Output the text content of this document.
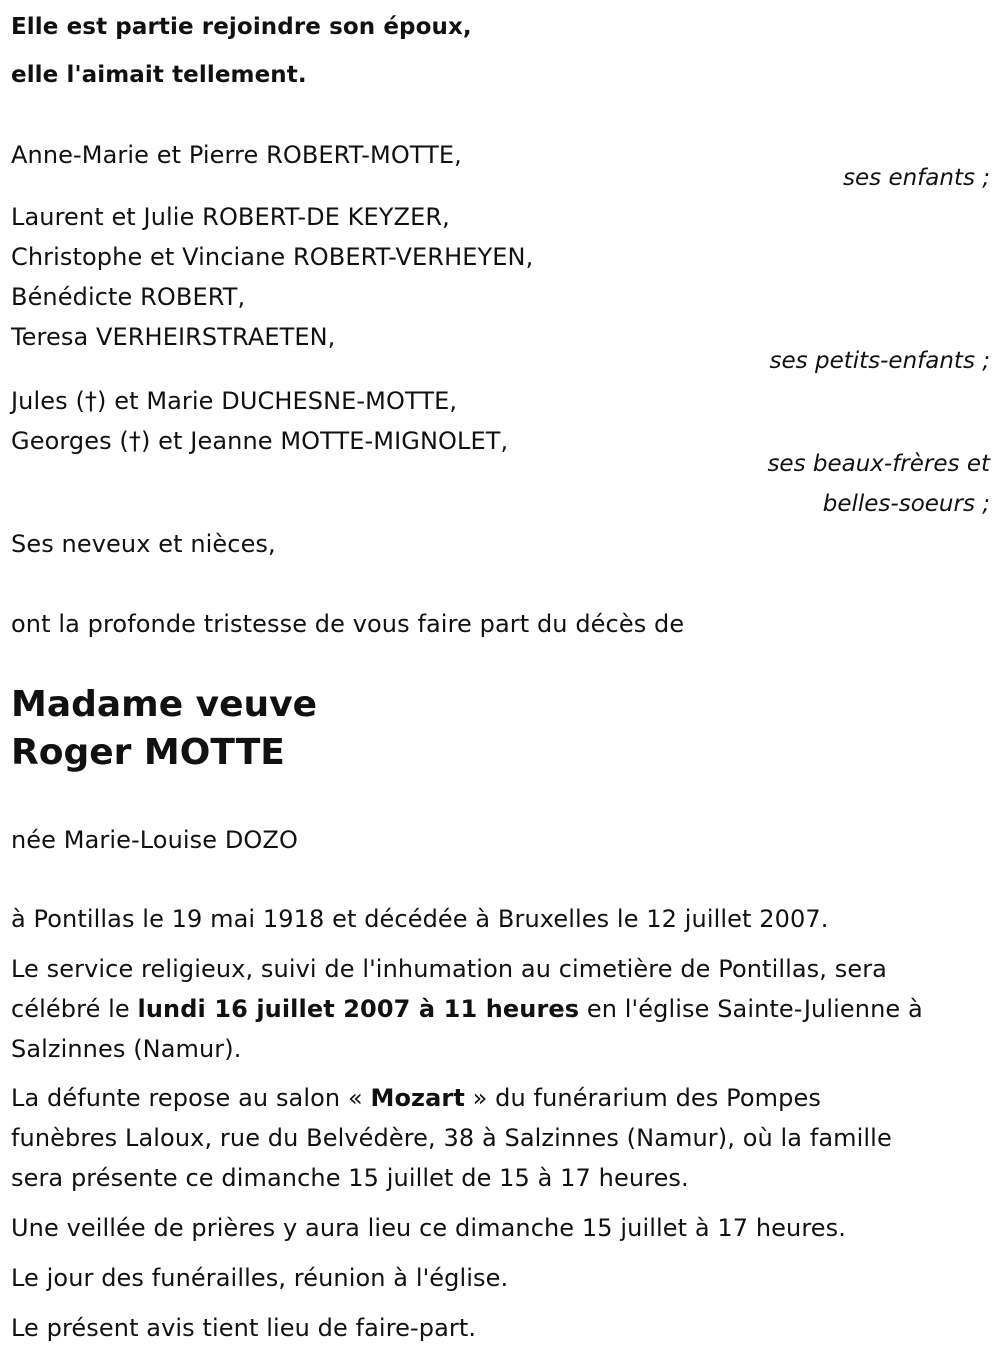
Elle est partie rejoindre son époux,
elle l'aimait tellement.
Anne-Marie et Pierre ROBERT-MOTTE,
ses enfants ;
Laurent et Julie ROBERT-DE KEYZER,
Christophe et Vinciane ROBERT-VERHEYEN,
Bénédicte ROBERT,
Teresa VERHEIRSTRAETEN,
ses petits-enfants ;
Jules (†) et Marie DUCHESNE-MOTTE,
Georges (†) et Jeanne MOTTE-MIGNOLET,
ses beaux-frères et
belles-soeurs ;
Ses neveux et nièces,
ont la profonde tristesse de vous faire part du décès de
Madame veuve
Roger MOTTE
née Marie-Louise DOZO
à Pontillas le 19 mai 1918 et décédée à Bruxelles le 12 juillet 2007.
Le service religieux, suivi de l'inhumation au cimetière de Pontillas, sera
célébré le lundi 16 juillet 2007 à 11 heures en l'église Sainte-Julienne à
Salzinnes (Namur).
La défunte repose au salon « Mozart » du funérarium des Pompes
funèbres Laloux, rue du Belvédère, 38 à Salzinnes (Namur), où la famille
sera présente ce dimanche 15 juillet de 15 à 17 heures.
Une veillée de prières y aura lieu ce dimanche 15 juillet à 17 heures.
Le jour des funérailles, réunion à l'église.
Le présent avis tient lieu de faire-part.
